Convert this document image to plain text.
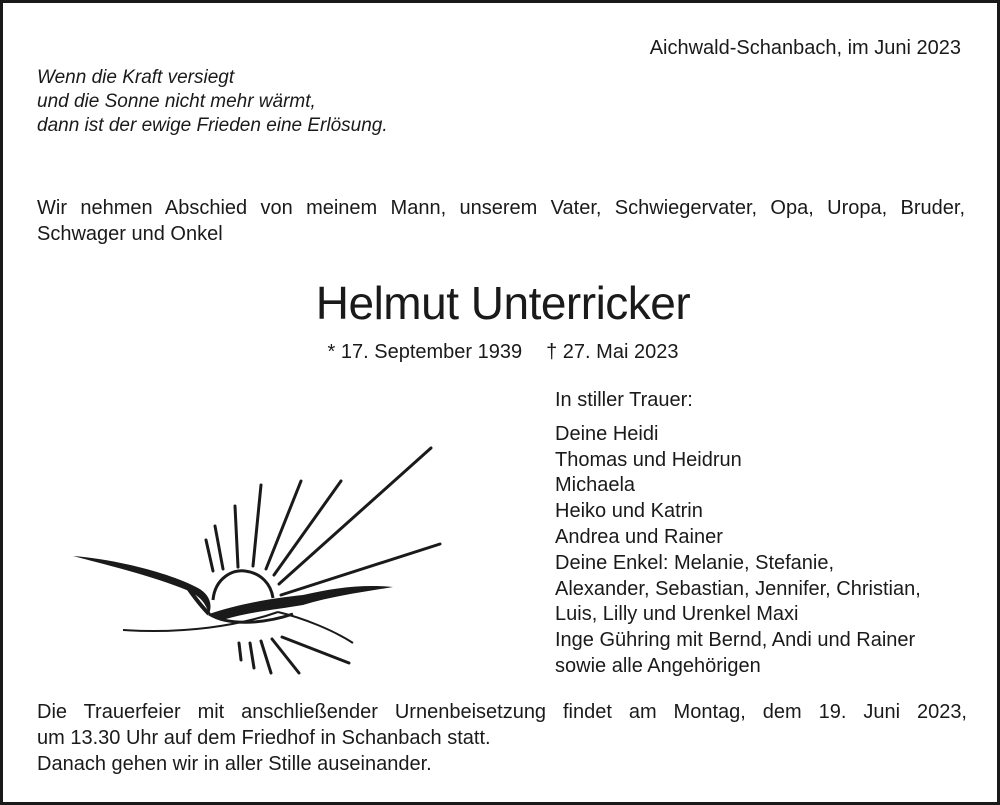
Aichwald-Schanbach, im Juni 2023
Wenn die Kraft versiegt
und die Sonne nicht mehr wärmt,
dann ist der ewige Frieden eine Erlösung.
Wir nehmen Abschied von meinem Mann, unserem Vater, Schwiegervater, Opa, Uropa, Bruder, Schwager und Onkel
Helmut Unterricker
* 17. September 1939 † 27. Mai 2023
In stiller Trauer:
Deine Heidi
Thomas und Heidrun
Michaela
Heiko und Katrin
Andrea und Rainer
Deine Enkel: Melanie, Stefanie,
Alexander, Sebastian, Jennifer, Christian,
Luis, Lilly und Urenkel Maxi
Inge Gühring mit Bernd, Andi und Rainer
sowie alle Angehörigen
Die Trauerfeier mit anschließender Urnenbeisetzung findet am Montag, dem 19. Juni 2023,
um 13.30 Uhr auf dem Friedhof in Schanbach statt.
Danach gehen wir in aller Stille auseinander.
